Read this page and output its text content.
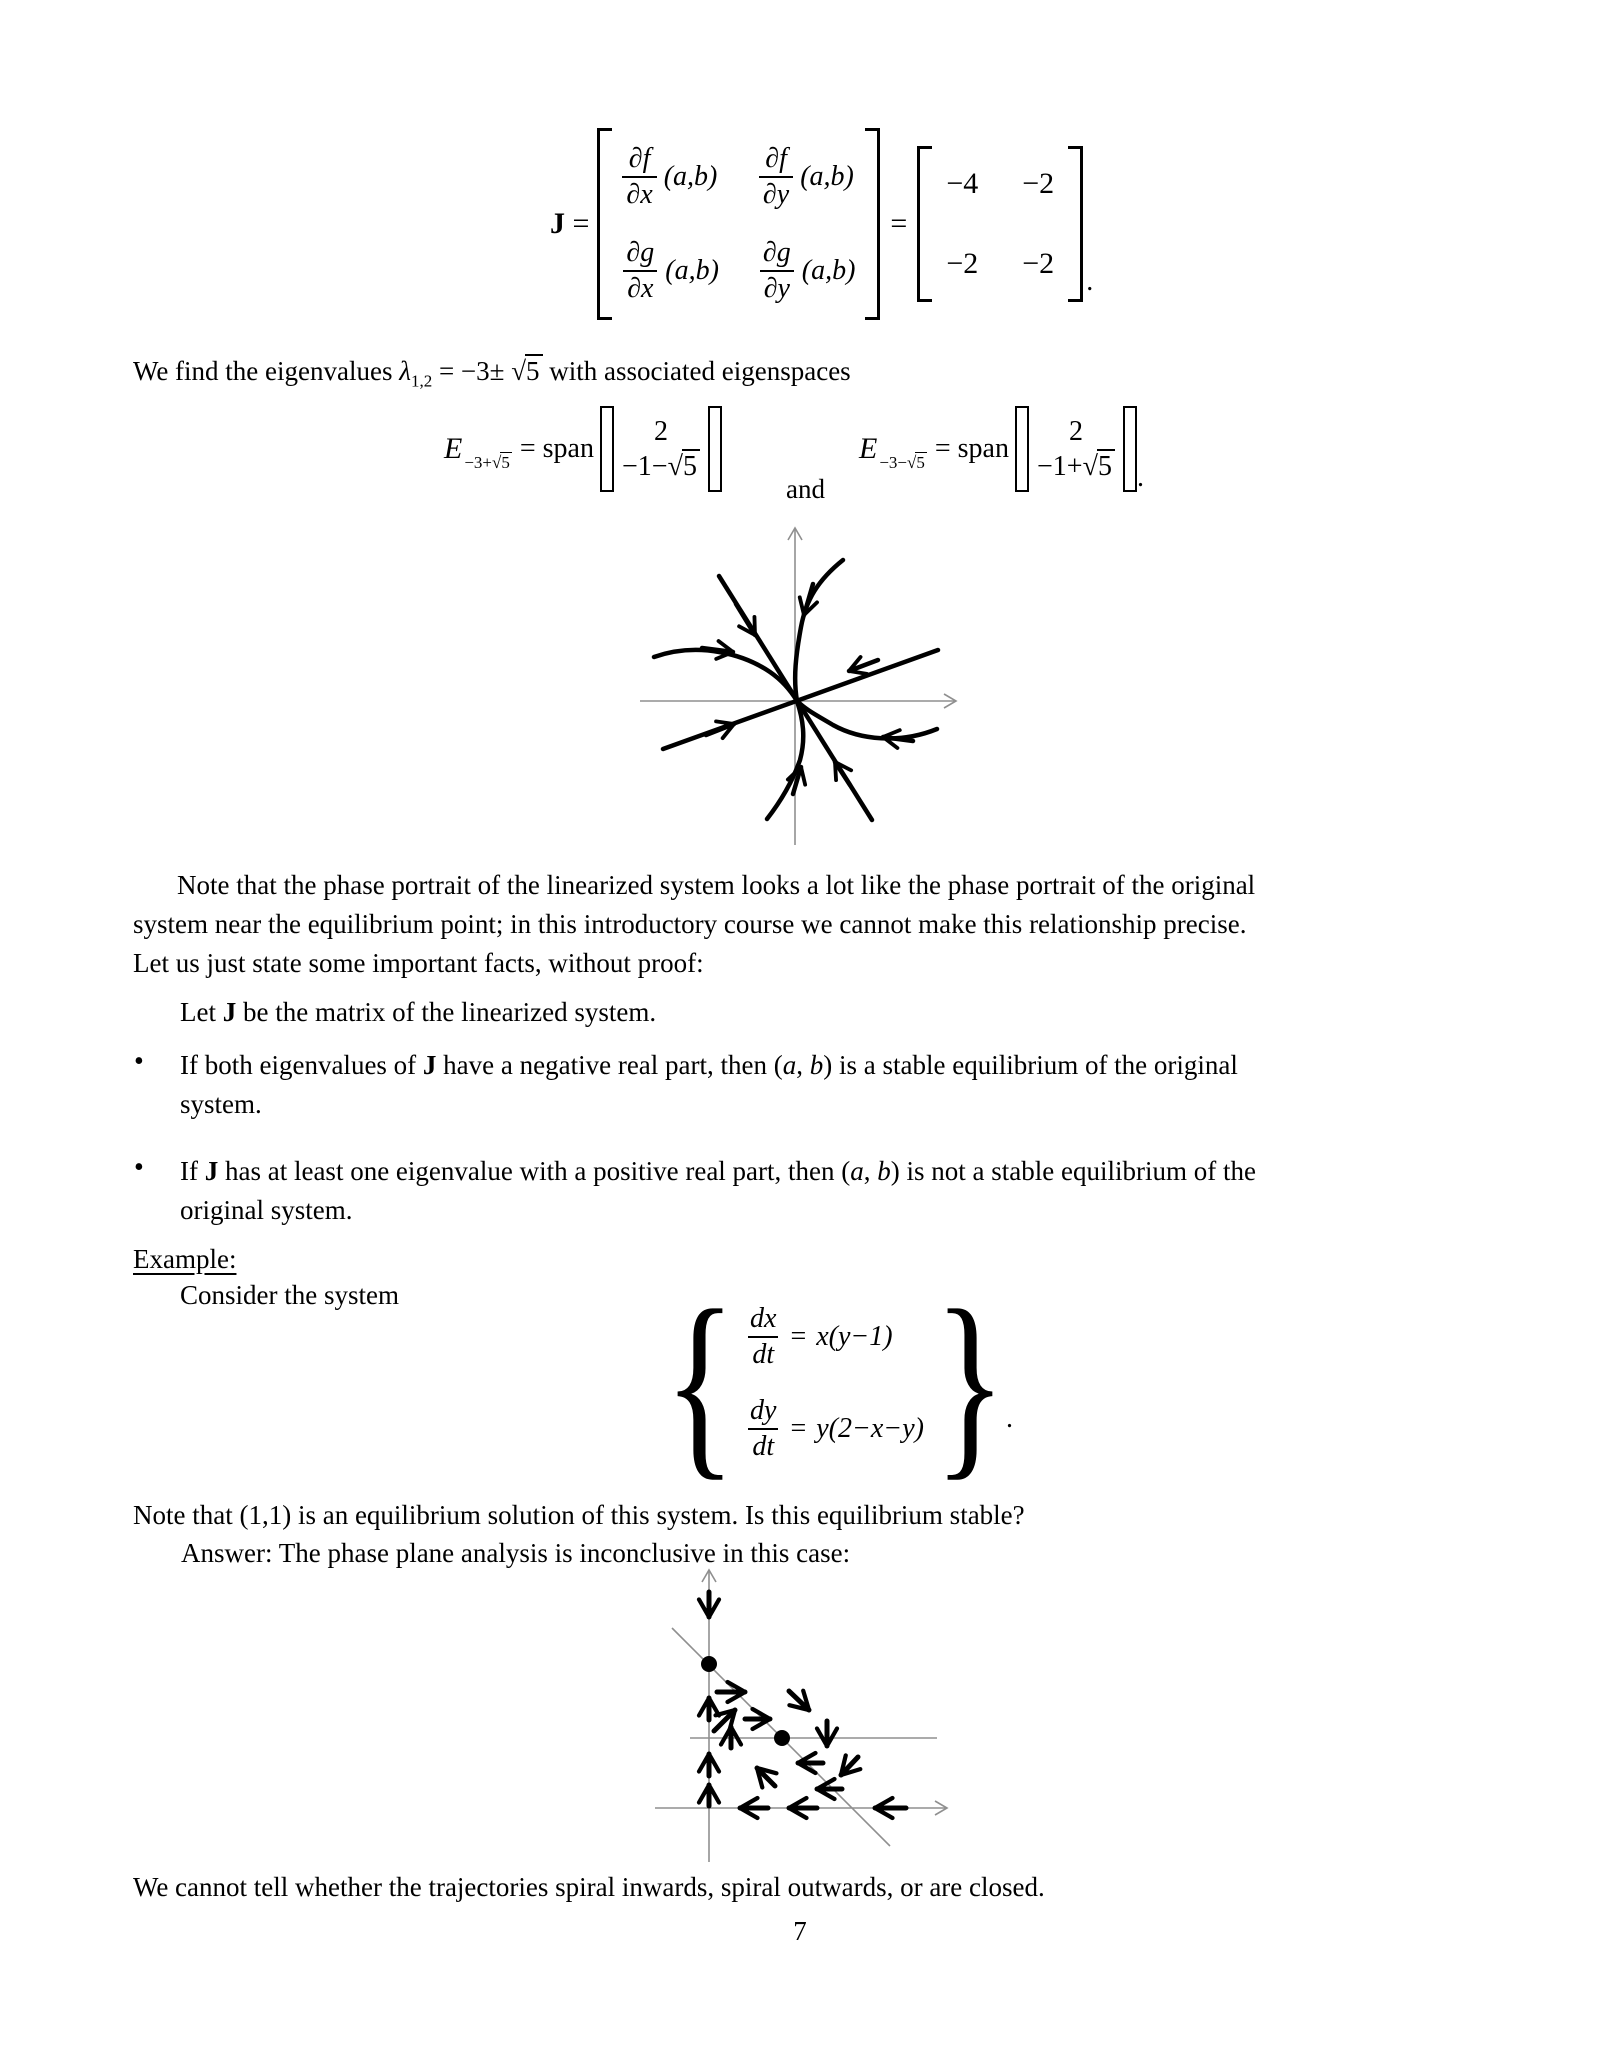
J =
$\frac{\partial f}{\partial x} (a,b) \frac{\partial f}{\partial y} (a,b)$
$\frac{\partial g}{\partial x} (a,b) \frac{\partial g}{\partial y} (a,b)$
=
−4 −2
−2 −2
.
We find the eigenvalues $\lambda_{1,2} = -3\pm √5$ with associated eigenspaces
E −3+√5 = span
2
−1−√5
and
E −3−√5 = span
2
−1+√5 .
Note that the phase portrait of the linearized system looks a lot like the phase portrait of the original
system near the equilibrium point; in this introductory course we cannot make this relationship precise.
Let us just state some important facts, without proof:
Let J be the matrix of the linearized system.
• If both eigenvalues of J have a negative real part, then (a, b) is a stable equilibrium of the original
system.
• If J has at least one eigenvalue with a positive real part, then (a, b) is not a stable equilibrium of the
original system.
Example:
Consider the system { $\frac{dx}{dt} = x(y-1)$
$\frac{dy}{dt} = y(2-x-y)$ } .
Note that (1,1) is an equilibrium solution of this system. Is this equilibrium stable?
Answer: The phase plane analysis is inconclusive in this case:
We cannot tell whether the trajectories spiral inwards, spiral outwards, or are closed.
7
